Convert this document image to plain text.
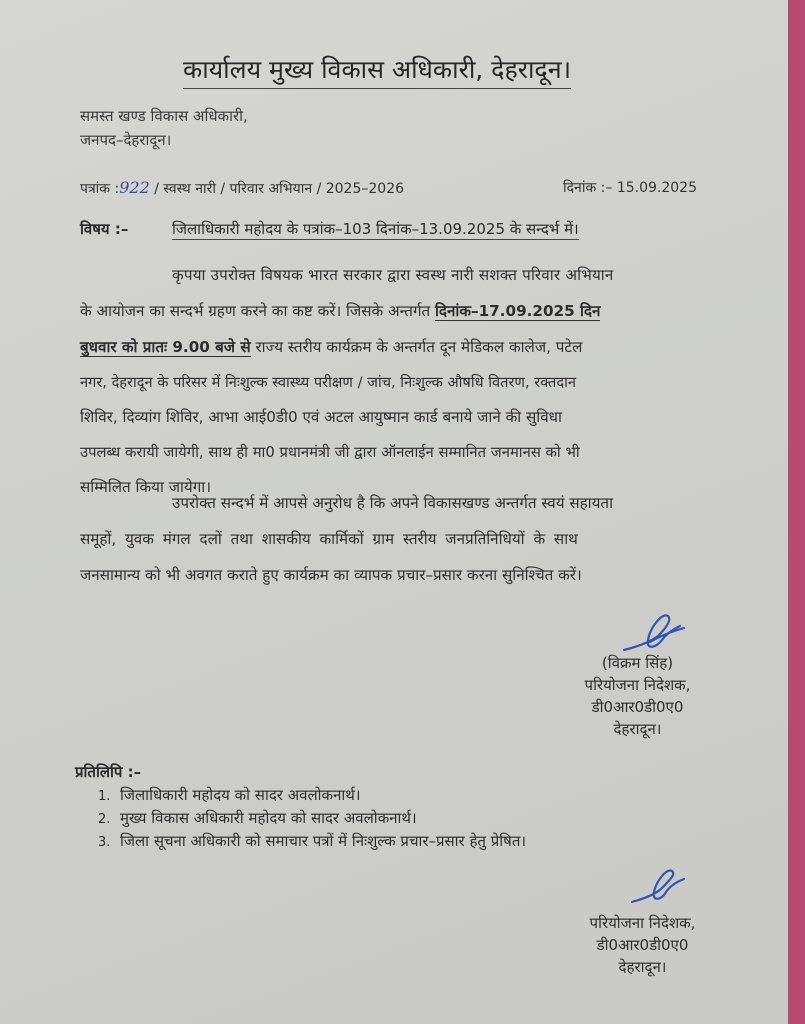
कार्यालय मुख्य विकास अधिकारी, देहरादून।
समस्त खण्ड विकास अधिकारी,
जनपद–देहरादून।
पत्रांक :922 / स्वस्थ नारी / परिवार अभियान / 2025–2026	दिनांक :– 15.09.2025
विषय :–	जिलाधिकारी महोदय के पत्रांक–103 दिनांक–13.09.2025 के सन्दर्भ में।
कृपया उपरोक्त विषयक भारत सरकार द्वारा स्वस्थ नारी सशक्त परिवार अभियान
के आयोजन का सन्दर्भ ग्रहण करने का कष्ट करें। जिसके अन्तर्गत दिनांक–17.09.2025 दिन
बुधवार को प्रातः 9.00 बजे से राज्य स्तरीय कार्यक्रम के अन्तर्गत दून मेडिकल कालेज, पटेल
नगर, देहरादून के परिसर में निःशुल्क स्वास्थ्य परीक्षण / जांच, निःशुल्क औषधि वितरण, रक्तदान
शिविर, दिव्यांग शिविर, आभा आई0डी0 एवं अटल आयुष्मान कार्ड बनाये जाने की सुविधा
उपलब्ध करायी जायेगी, साथ ही मा0 प्रधानमंत्री जी द्वारा ऑनलाईन सम्मानित जनमानस को भी
सम्मिलित किया जायेगा।
उपरोक्त सन्दर्भ में आपसे अनुरोध है कि अपने विकासखण्ड अन्तर्गत स्वयं सहायता
समूहों, युवक मंगल दलों तथा शासकीय कार्मिकों ग्राम स्तरीय जनप्रतिनिधियों के साथ
जनसामान्य को भी अवगत कराते हुए कार्यक्रम का व्यापक प्रचार–प्रसार करना सुनिश्चित करें।
(विक्रम सिंह)
परियोजना निदेशक,
डी0आर0डी0ए0
देहरादून।
प्रतिलिपि :–
1. जिलाधिकारी महोदय को सादर अवलोकनार्थ।
2. मुख्य विकास अधिकारी महोदय को सादर अवलोकनार्थ।
3. जिला सूचना अधिकारी को समाचार पत्रों में निःशुल्क प्रचार–प्रसार हेतु प्रेषित।
परियोजना निदेशक,
डी0आर0डी0ए0
देहरादून।
